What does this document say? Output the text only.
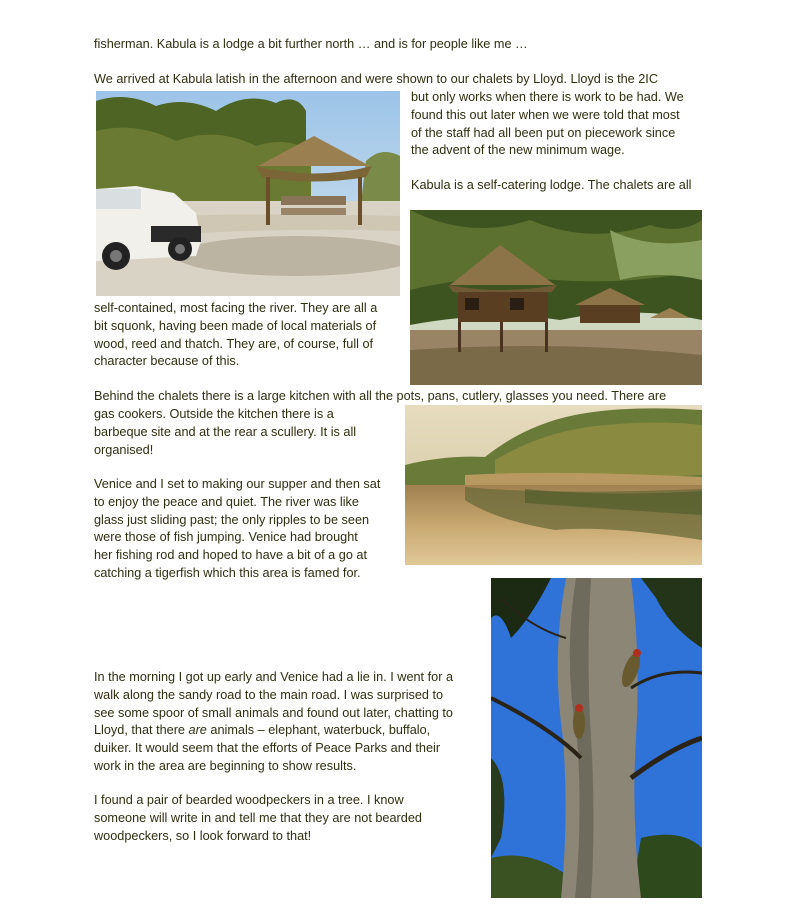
fisherman. Kabula is a lodge a bit further north … and is for people like me …
We arrived at Kabula latish in the afternoon and were shown to our chalets by Lloyd. Lloyd is the 2IC
but only works when there is work to be had. We
found this out later when we were told that most
of the staff had all been put on piecework since
the advent of the new minimum wage.
Kabula is a self-catering lodge. The chalets are all
self-contained, most facing the river. They are all a
bit squonk, having been made of local materials of
wood, reed and thatch. They are, of course, full of
character because of this.
Behind the chalets there is a large kitchen with all the pots, pans, cutlery, glasses you need. There are
gas cookers. Outside the kitchen there is a
barbeque site and at the rear a scullery. It is all
organised!
Venice and I set to making our supper and then sat
to enjoy the peace and quiet. The river was like
glass just sliding past; the only ripples to be seen
were those of fish jumping. Venice had brought
her fishing rod and hoped to have a bit of a go at
catching a tigerfish which this area is famed for.
In the morning I got up early and Venice had a lie in. I went for a
walk along the sandy road to the main road. I was surprised to
see some spoor of small animals and found out later, chatting to
Lloyd, that there are animals – elephant, waterbuck, buffalo,
duiker. It would seem that the efforts of Peace Parks and their
work in the area are beginning to show results.
I found a pair of bearded woodpeckers in a tree. I know
someone will write in and tell me that they are not bearded
woodpeckers, so I look forward to that!
